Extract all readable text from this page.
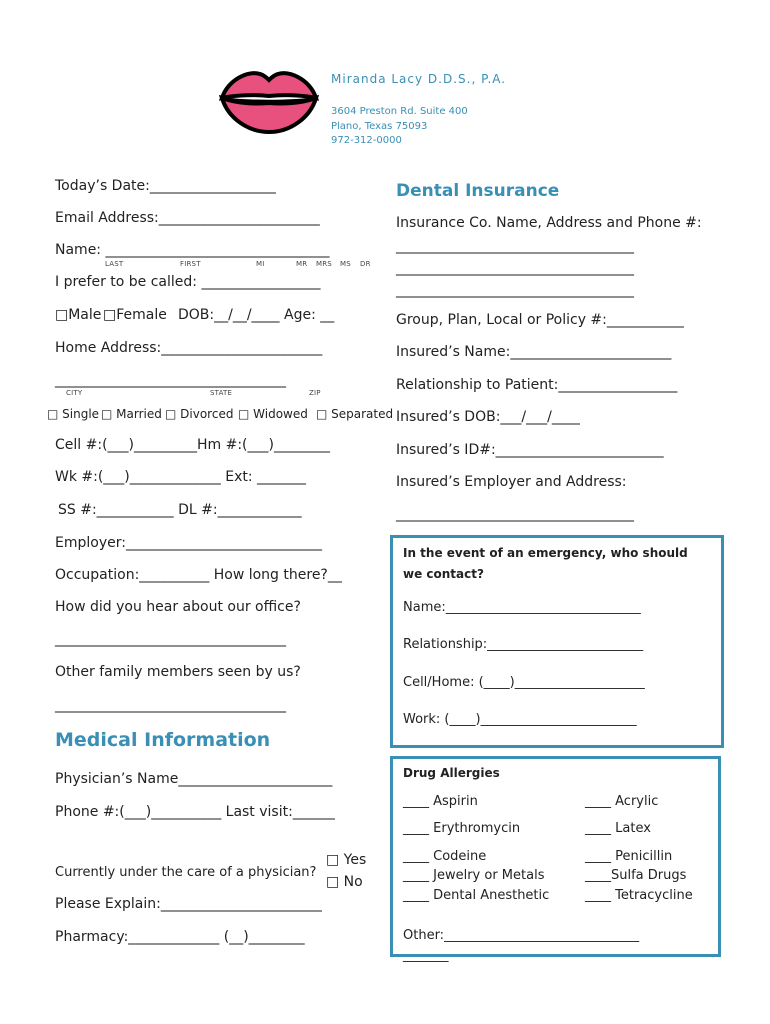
Miranda Lacy D.D.S., P.A.
3604 Preston Rd. Suite 400
Plano, Texas 75093
972-312-0000
Today’s Date:__________________
Email Address:_______________________
Name: ________________________________
LAST	FIRST	MI	MR MRS MS DR
I prefer to be called: _________________
□Male □Female DOB:__/__/____ Age: __
Home Address:_______________________
_________________________________
CITY	STATE	ZIP
□ Single □ Married □ Divorced □ Widowed □ Separated
Cell #:(___)_________Hm #:(___)________
Wk #:(___)_____________ Ext: _______
SS #:___________ DL #:____________
Employer:____________________________
Occupation:__________ How long there?__
How did you hear about our office?
_________________________________
Other family members seen by us?
_________________________________
Medical Information
Physician’s Name______________________
Phone #:(___)__________ Last visit:______
Currently under the care of a physician?
□ Yes
□ No
Please Explain:_______________________
Pharmacy:_____________ (__)________
Dental Insurance
Insurance Co. Name, Address and Phone #:
__________________________________
__________________________________
__________________________________
Group, Plan, Local or Policy #:___________
Insured’s Name:_______________________
Relationship to Patient:_________________
Insured’s DOB:___/___/____
Insured’s ID#:________________________
Insured’s Employer and Address:
__________________________________
In the event of an emergency, who should
we contact?
Name:______________________________
Relationship:________________________
Cell/Home: (____)____________________
Work: (____)________________________
Drug Allergies
____ Aspirin
____ Erythromycin
____ Codeine
____ Jewelry or Metals
____ Dental Anesthetic
____ Acrylic
____ Latex
____ Penicillin
____Sulfa Drugs
____ Tetracycline
Other:______________________________
_______
